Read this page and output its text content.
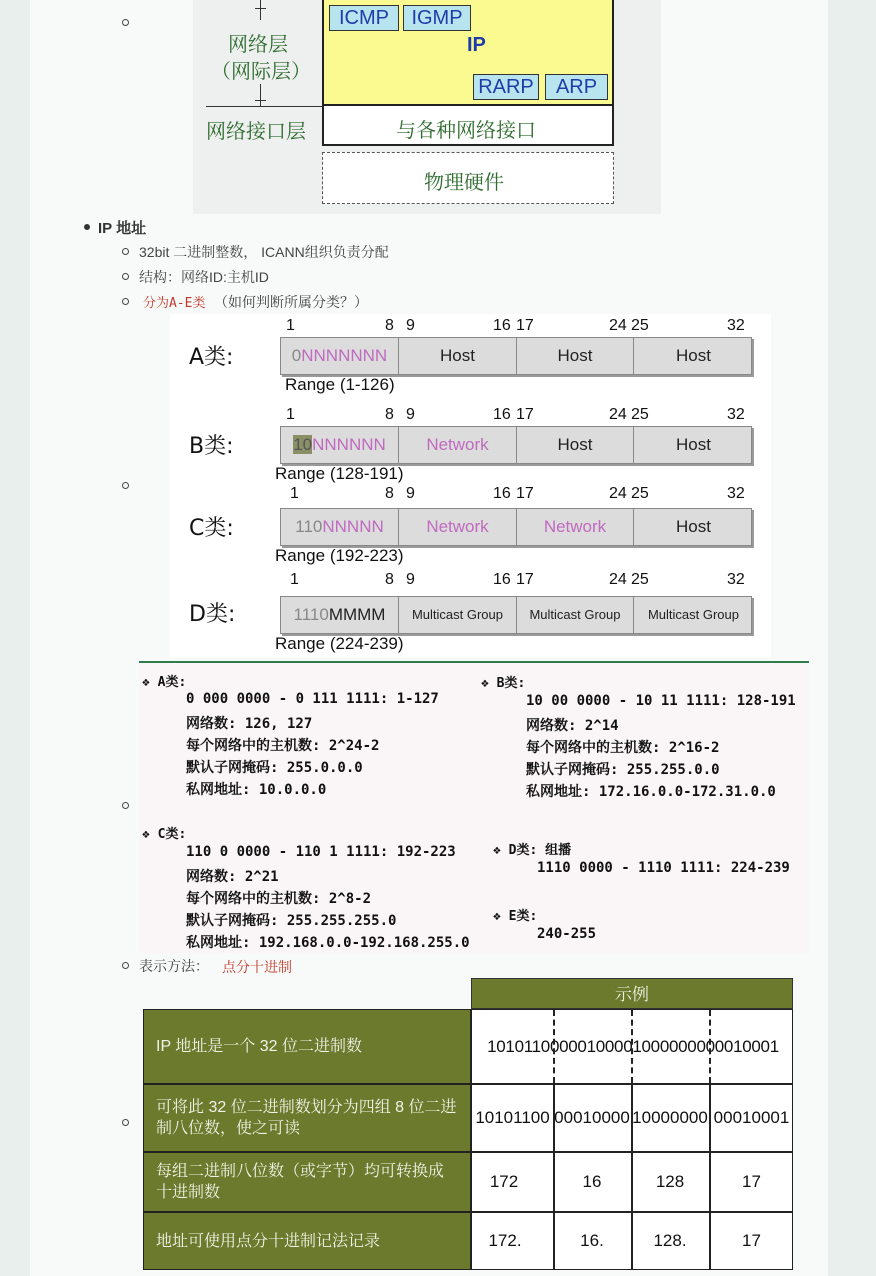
网络层
（网际层）
网络接口层
ICMP	IGMP
IP
RARP	ARP
与各种网络接口
物理硬件
IP 地址
32bit 二进制整数， ICANN组织负责分配
结构：网络ID:主机ID
分为A-E类 （如何判断所属分类？）
A类:
1	8 9	16 17	24 25	32
0NNNNNNN	Host	Host	Host
Range (1-126)
B类:
1	8 9	16 17	24 25	32
10NNNNNN	Network	Host	Host
Range (128-191)
C类:
1	8 9	16 17	24 25	32
110NNNNN	Network	Network	Host
Range (192-223)
D类:
1	8 9	16 17	24 25	32
1110MMMM	Multicast Group	Multicast Group	Multicast Group
Range (224-239)
❖ A类:
0 000 0000 - 0 111 1111: 1-127
网络数: 126, 127
每个网络中的主机数: 2^24-2
默认子网掩码: 255.0.0.0
私网地址: 10.0.0.0
❖ B类:
10 00 0000 - 10 11 1111: 128-191
网络数: 2^14
每个网络中的主机数: 2^16-2
默认子网掩码: 255.255.0.0
私网地址: 172.16.0.0-172.31.0.0
❖ C类:
110 0 0000 - 110 1 1111: 192-223
网络数: 2^21
每个网络中的主机数: 2^8-2
默认子网掩码: 255.255.255.0
私网地址: 192.168.0.0-192.168.255.0
❖ D类: 组播
1110 0000 - 1110 1111: 224-239
❖ E类:
240-255
表示方法： 点分十进制
示例
IP 地址是一个 32 位二进制数	10101100 00010000 10000000 00010001
可将此 32 位二进制数划分为四组 8 位二进制八位数，使之可读
10101100 00010000 10000000 00010001
每组二进制八位数（或字节）均可转换成十进制数
172	16	128	17
地址可使用点分十进制记法记录	172.	16.	128.	17
